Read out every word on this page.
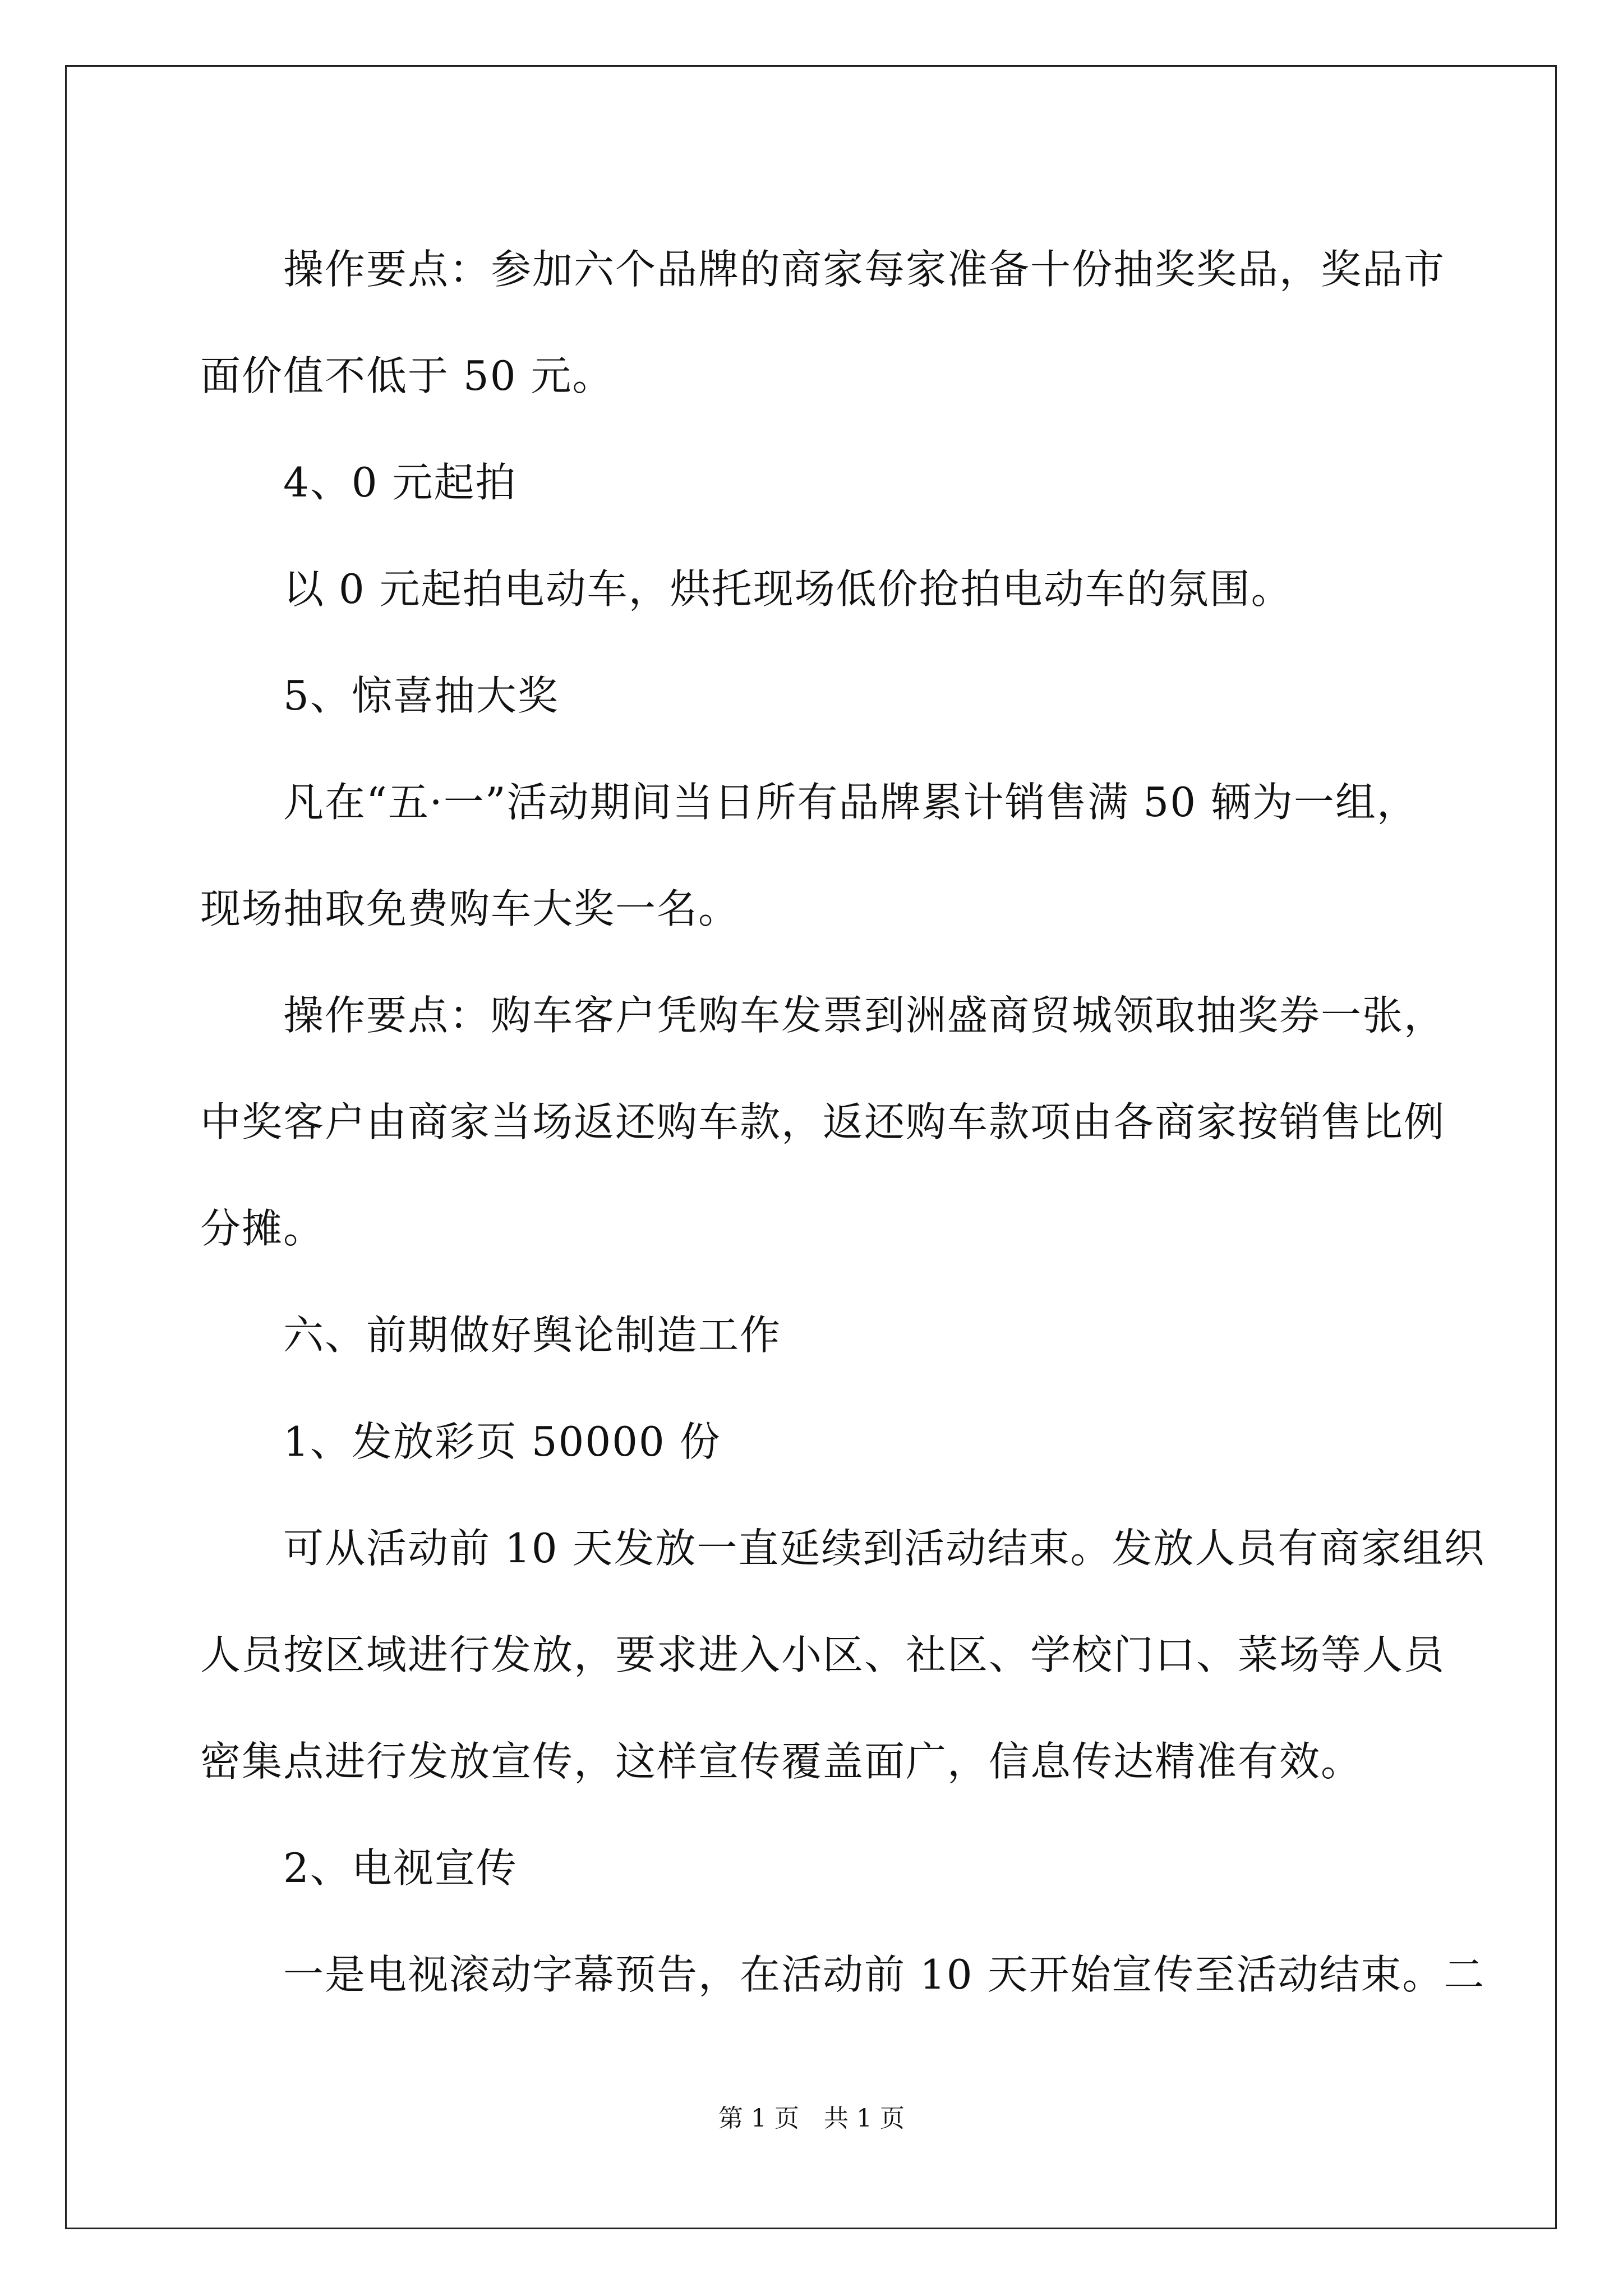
　　操作要点：参加六个品牌的商家每家准备十份抽奖奖品，奖品市
面价值不低于 50 元。
　　4、0 元起拍
　　以 0 元起拍电动车，烘托现场低价抢拍电动车的氛围。
　　5、惊喜抽大奖
　　凡在“五·一”活动期间当日所有品牌累计销售满 50 辆为一组，
现场抽取免费购车大奖一名。
　　操作要点：购车客户凭购车发票到洲盛商贸城领取抽奖券一张，
中奖客户由商家当场返还购车款，返还购车款项由各商家按销售比例
分摊。
　　六、前期做好舆论制造工作
　　1、发放彩页 50000 份
　　可从活动前 10 天发放一直延续到活动结束。发放人员有商家组织
人员按区域进行发放，要求进入小区、社区、学校门口、菜场等人员
密集点进行发放宣传，这样宣传覆盖面广，信息传达精准有效。
　　2、电视宣传
　　一是电视滚动字幕预告，在活动前 10 天开始宣传至活动结束。二
第 1 页　共 1 页
